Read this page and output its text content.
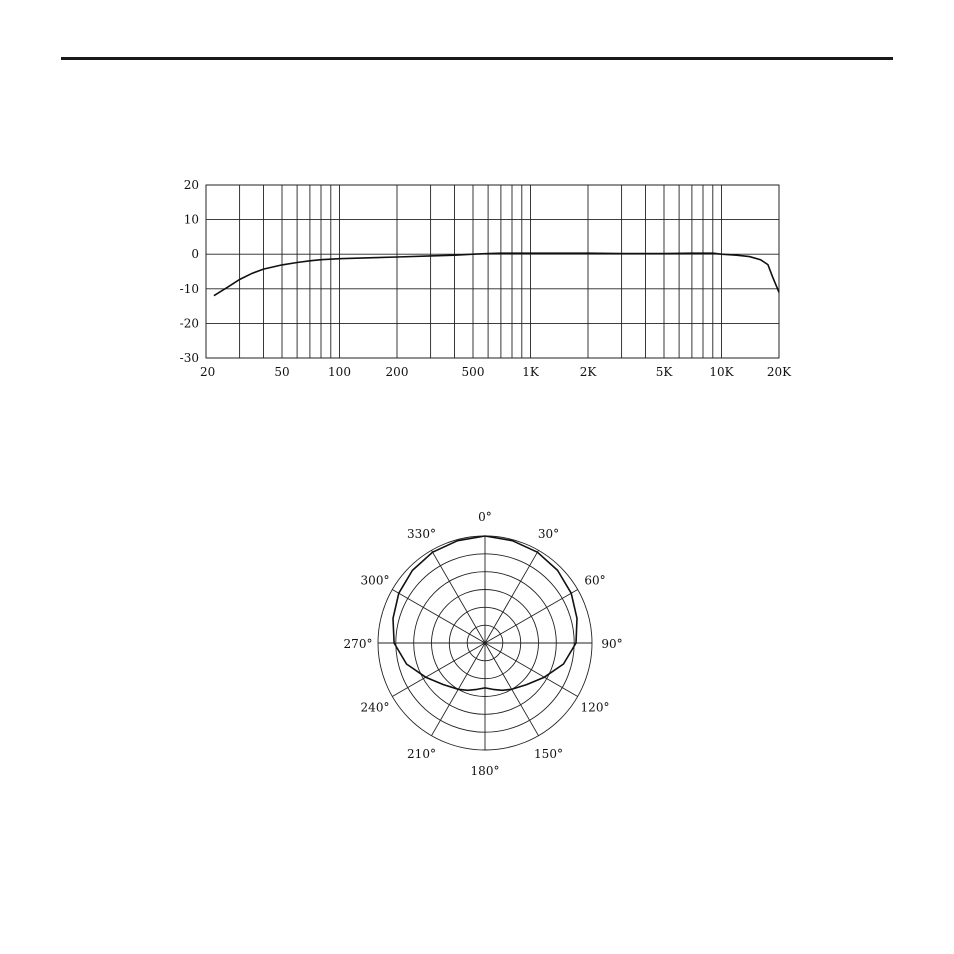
20
10
0
-10
-20
-30
20	50	100	200	500	1K	2K	5K	10K	20K
0°
30°
60°
90°
120°
150°
180°
210°
240°
270°
300°
330°
